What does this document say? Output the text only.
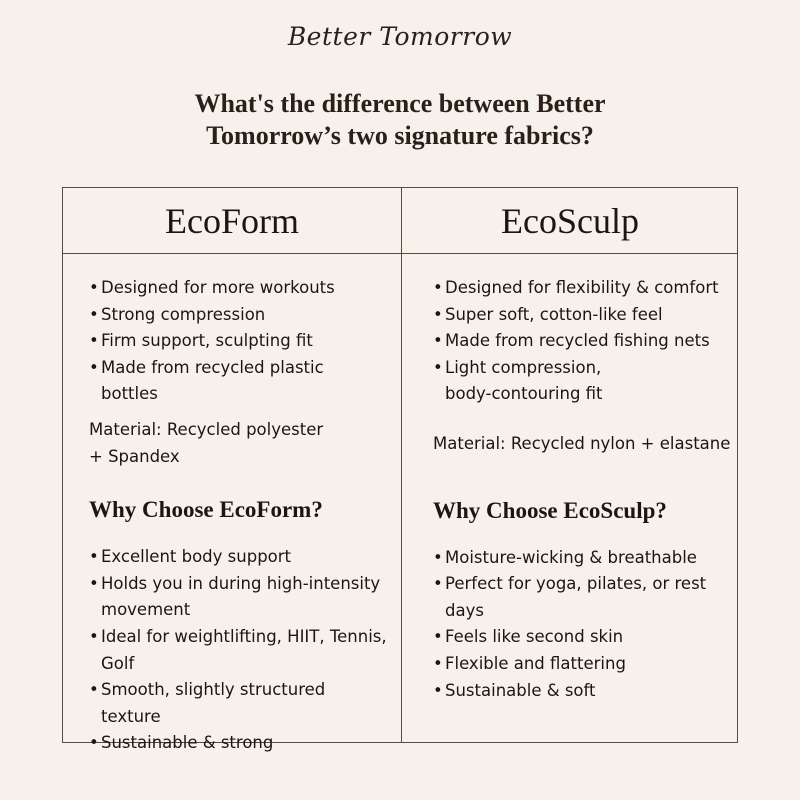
Better Tomorrow
What's the difference between Better
Tomorrow’s two signature fabrics?
EcoForm
• Designed for more workouts
• Strong compression
• Firm support, sculpting fit
• Made from recycled plastic bottles

Material: Recycled polyester + Spandex

Why Choose EcoForm?

• Excellent body support
• Holds you in during high-intensity movement
• Ideal for weightlifting, HIIT, Tennis, Golf
• Smooth, slightly structured texture
• Sustainable & strong
EcoSculp
• Designed for flexibility & comfort
• Super soft, cotton-like feel
• Made from recycled fishing nets
• Light compression, body-contouring fit

Material: Recycled nylon + elastane

Why Choose EcoSculp?

• Moisture-wicking & breathable
• Perfect for yoga, pilates, or rest days
• Feels like second skin
• Flexible and flattering
• Sustainable & soft
